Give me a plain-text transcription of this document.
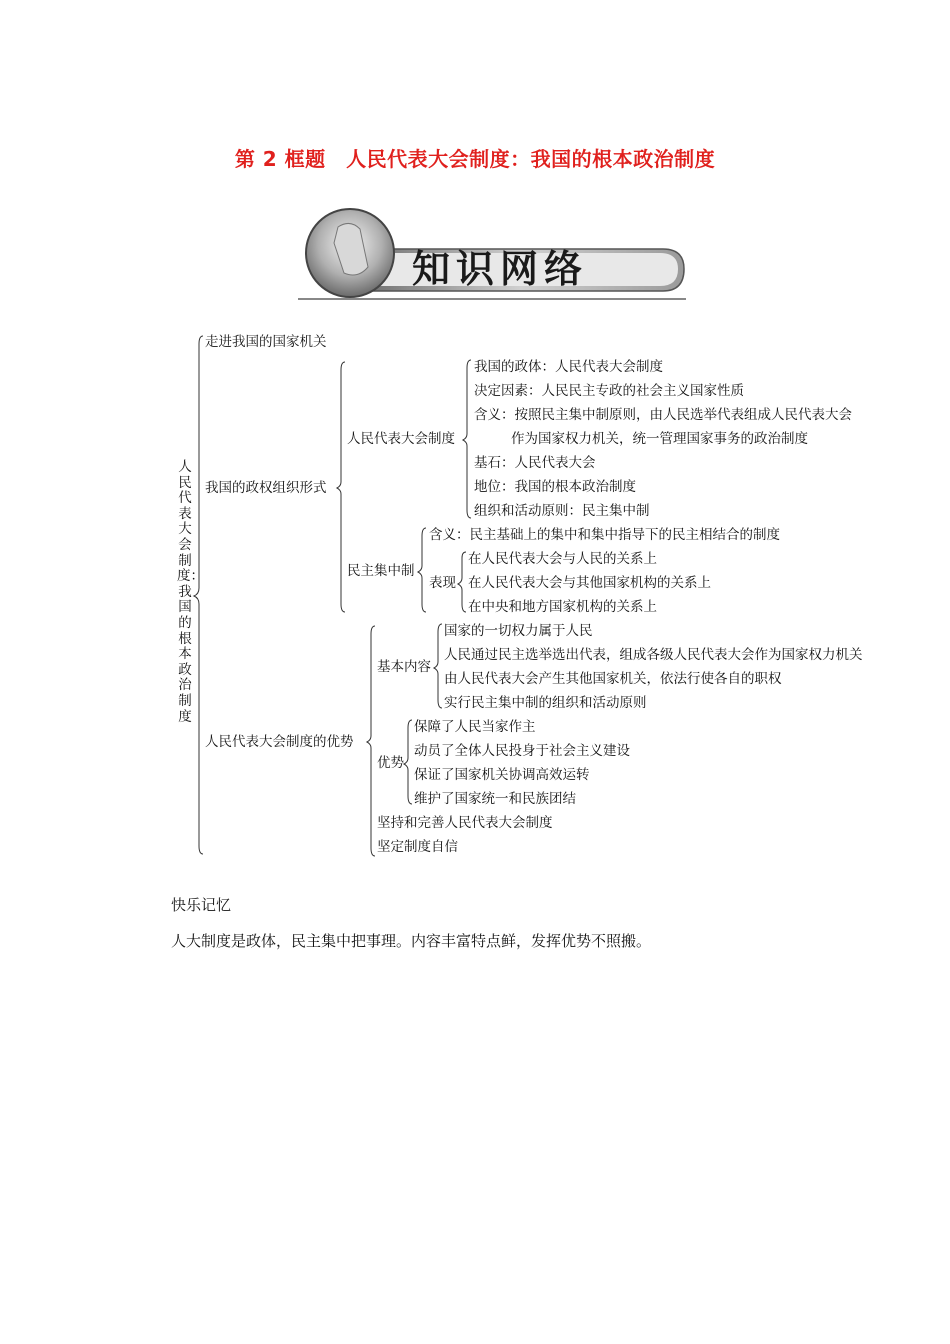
第 2 框题　人民代表大会制度：我国的根本政治制度
知识网络
人民代表大会制度：我国的根本政治制度
走进我国的国家机关
我国的政权组织形式
人民代表大会制度
我国的政体：人民代表大会制度
决定因素：人民民主专政的社会主义国家性质
含义：按照民主集中制原则，由人民选举代表组成人民代表大会
作为国家权力机关，统一管理国家事务的政治制度
基石：人民代表大会
地位：我国的根本政治制度
组织和活动原则：民主集中制
民主集中制
含义：民主基础上的集中和集中指导下的民主相结合的制度
表现
在人民代表大会与人民的关系上
在人民代表大会与其他国家机构的关系上
在中央和地方国家机构的关系上
人民代表大会制度的优势
基本内容
国家的一切权力属于人民
人民通过民主选举选出代表，组成各级人民代表大会作为国家权力机关
由人民代表大会产生其他国家机关，依法行使各自的职权
实行民主集中制的组织和活动原则
优势
保障了人民当家作主
动员了全体人民投身于社会主义建设
保证了国家机关协调高效运转
维护了国家统一和民族团结
坚持和完善人民代表大会制度
坚定制度自信
快乐记忆
人大制度是政体，民主集中把事理。内容丰富特点鲜，发挥优势不照搬。
